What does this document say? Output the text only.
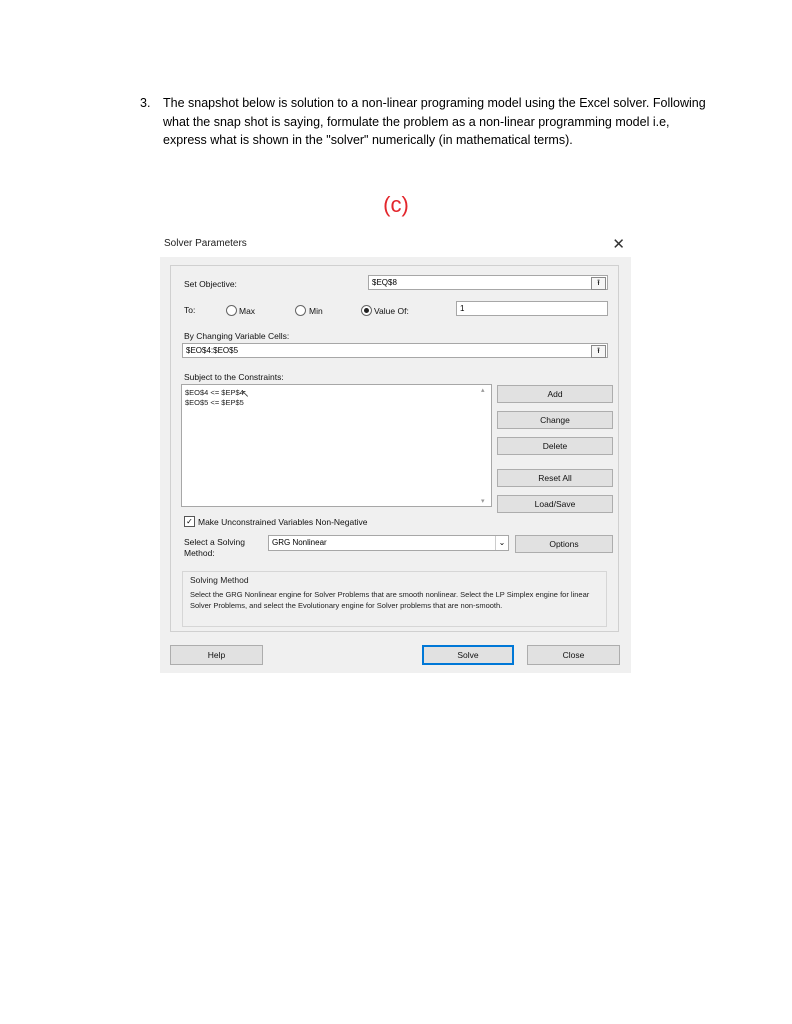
3. The snapshot below is solution to a non-linear programing model using the Excel solver. Following what the snap shot is saying, formulate the problem as a non-linear programming model i.e, express what is shown in the "solver" numerically (in mathematical terms).
(c)
Solver Parameters	✕
Set Objective:	$EQ$8	⭱
To:	Max	Min	Value Of:	1
By Changing Variable Cells:
$EO$4:$EO$5	⭱
Subject to the Constraints:
$EO$4 <= $EP$4
$EO$5 <= $EP$5
▴
▾
↖	Add
Change
Delete
Reset All
Load/Save
✓ Make Unconstrained Variables Non-Negative
Select a Solving Method:
GRG Nonlinear	⌄	Options
Solving Method
Select the GRG Nonlinear engine for Solver Problems that are smooth nonlinear. Select the LP Simplex engine for linear Solver Problems, and select the Evolutionary engine for Solver problems that are non-smooth.
Help	Solve	Close
